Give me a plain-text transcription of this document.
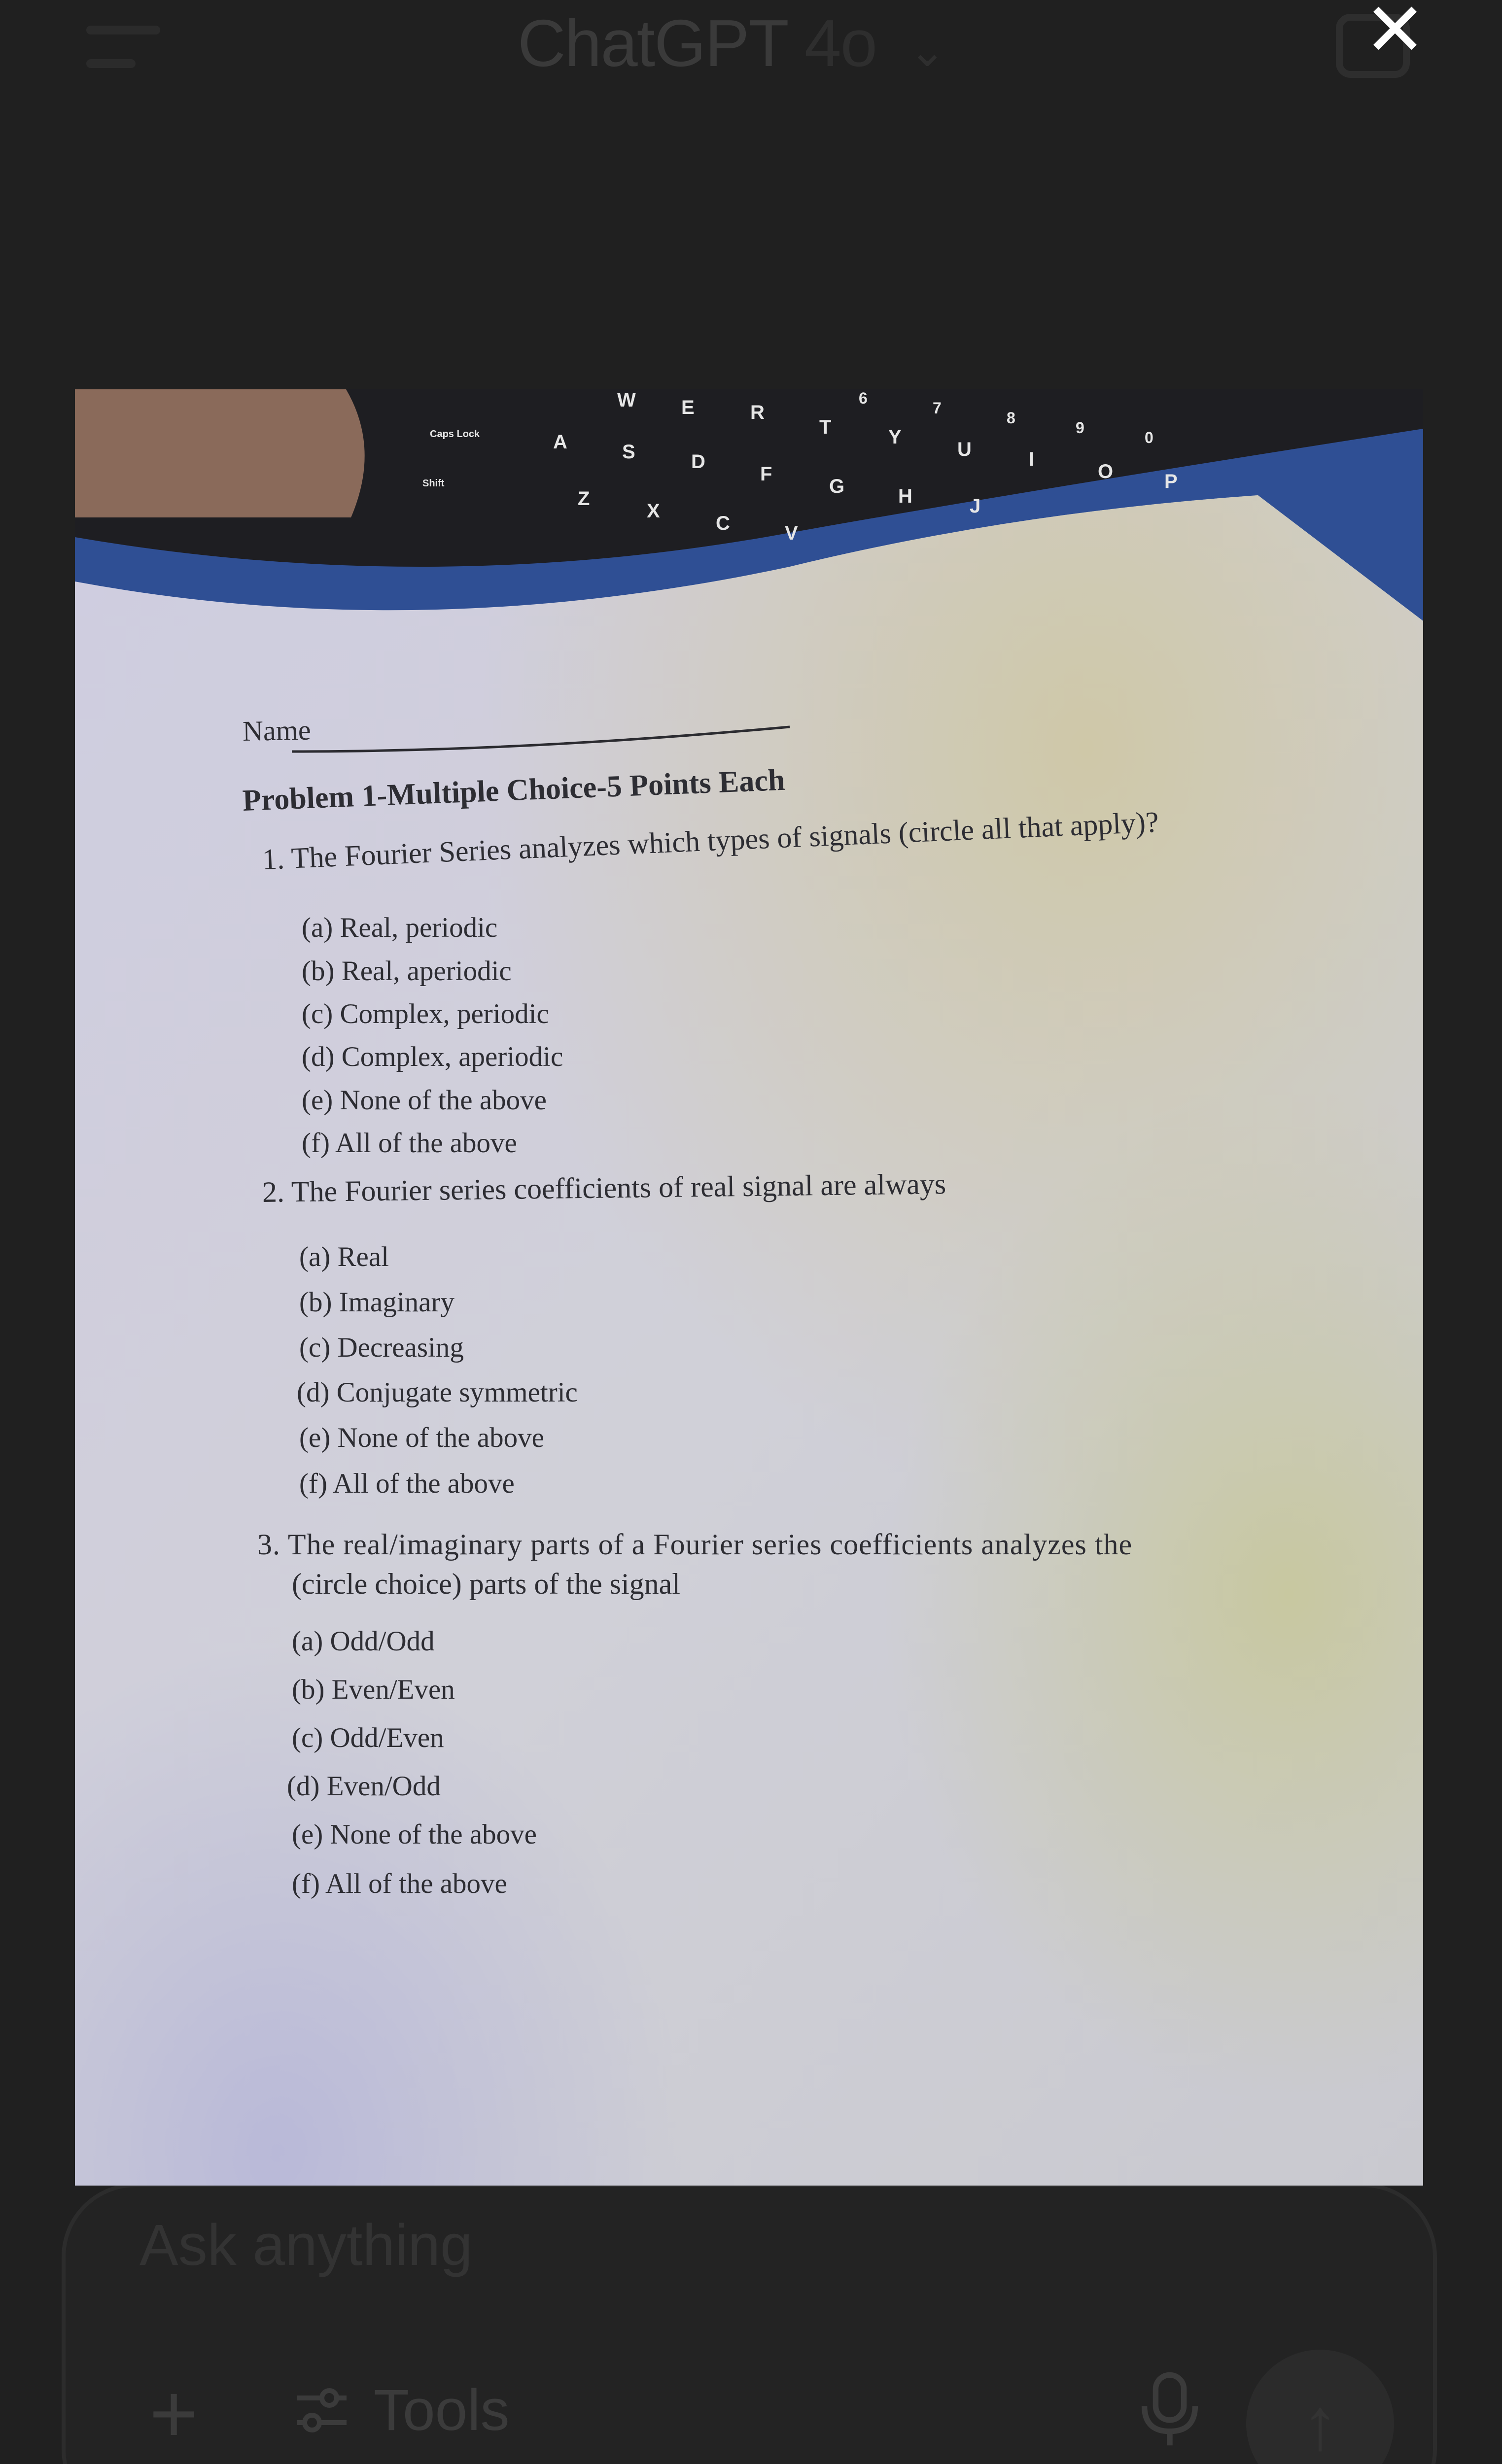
ChatGPT 4o ⌄
Ask anything
+	Tools	↑
✕
Caps Lock
Shift
W E	R
T	Y
U	I
O	P
A	S	D
F
G	H	J
Z
X
C	V
6
7
8
9
0
Name
Problem 1-Multiple Choice-5 Points Each
1. The Fourier Series analyzes which types of signals (circle all that apply)?
(a) Real, periodic
(b) Real, aperiodic
(c) Complex, periodic
(d) Complex, aperiodic
(e) None of the above
(f) All of the above
2. The Fourier series coefficients of real signal are always
(a) Real
(b) Imaginary
(c) Decreasing
(d) Conjugate symmetric
(e) None of the above
(f) All of the above
3. The real/imaginary parts of a Fourier series coefficients analyzes the
(circle choice) parts of the signal
(a) Odd/Odd
(b) Even/Even
(c) Odd/Even
(d) Even/Odd
(e) None of the above
(f) All of the above
